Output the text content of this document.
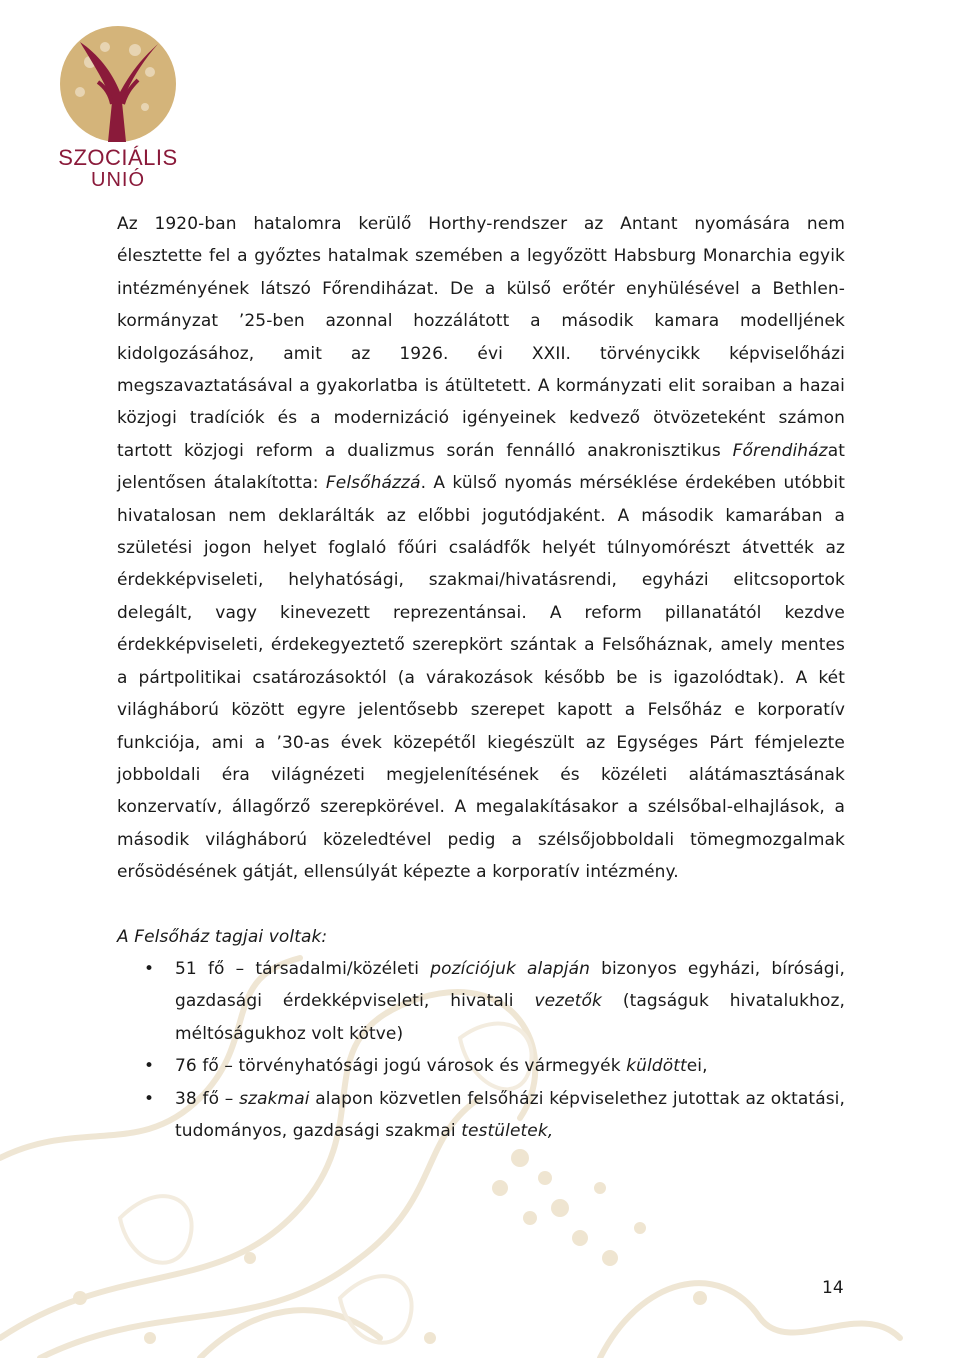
SZOCIÁLIS
UNIÓ

Az 1920-ban hatalomra kerülő Horthy-rendszer az Antant nyomására nem élesztette fel a győztes hatalmak szemében a legyőzött Habsburg Monarchia egyik intézményének látszó Főrendiházat. De a külső erőtér enyhülésével a Bethlen-kormányzat ’25-ben azonnal hozzálátott a második kamara modelljének kidolgozásához, amit az 1926. évi XXII. törvénycikk képviselőházi megszavaztatásával a gyakorlatba is átültetett. A kormányzati elit soraiban a hazai közjogi tradíciók és a modernizáció igényeinek kedvező ötvözeteként számon tartott közjogi reform a dualizmus során fennálló anakronisztikus Főrendiházat jelentősen átalakította: Felsőházzá. A külső nyomás mérséklése érdekében utóbbit hivatalosan nem deklarálták az előbbi jogutódjaként. A második kamarában a születési jogon helyet foglaló főúri családfők helyét túlnyomórészt átvették az érdekképviseleti, helyhatósági, szakmai/hivatásrendi, egyházi elitcsoportok delegált, vagy kinevezett reprezentánsai. A reform pillanatától kezdve érdekképviseleti, érdekegyeztető szerepkört szántak a Felsőháznak, amely mentes a pártpolitikai csatározásoktól (a várakozások később be is igazolódtak). A két világháború között egyre jelentősebb szerepet kapott a Felsőház e korporatív funkciója, ami a ’30-as évek közepétől kiegészült az Egységes Párt fémjelezte jobboldali éra világnézeti megjelenítésének és közéleti alátámasztásának konzervatív, állagőrző szerepkörével. A megalakításakor a szélsőbal-elhajlások, a második világháború közeledtével pedig a szélsőjobboldali tömegmozgalmak erősödésének gátját, ellensúlyát képezte a korporatív intézmény.

A Felsőház tagjai voltak:

• 51 fő – társadalmi/közéleti pozíciójuk alapján bizonyos egyházi, bírósági, gazdasági érdekképviseleti, hivatali vezetők (tagságuk hivatalukhoz, méltóságukhoz volt kötve)
• 76 fő – törvényhatósági jogú városok és vármegyék küldöttei,
• 38 fő – szakmai alapon közvetlen felsőházi képviselethez jutottak az oktatási, tudományos, gazdasági szakmai testületek,
14
